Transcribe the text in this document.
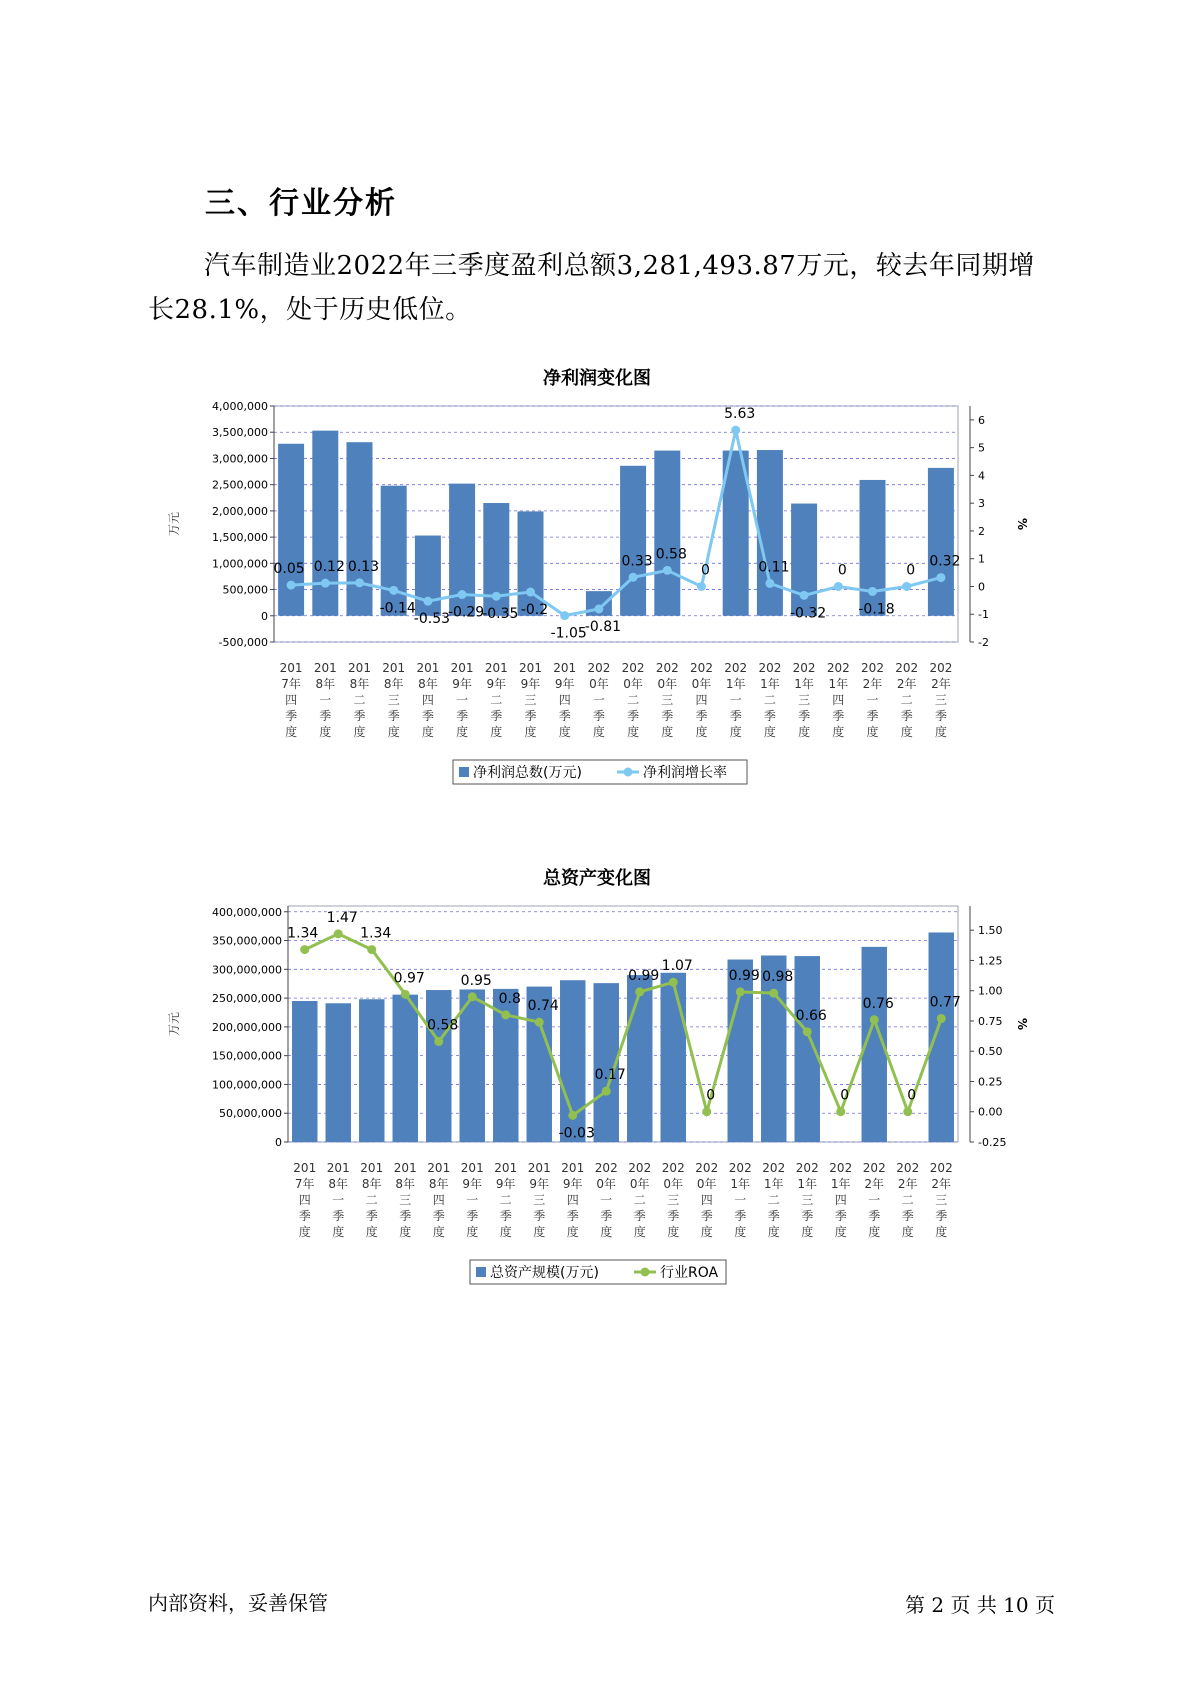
三、行业分析

汽车制造业2022年三季度盈利总额3,281,493.87万元，较去年同期增长28.1%，处于历史低位。

净利润变化图
-500,000
0
500,000
1,000,000
1,500,000
2,000,000
2,500,000
3,000,000
3,500,000
4,000,000
-2
-1
0
1
2
3
4
5
6
万元	%
0.05 0.12 0.13
-0.14
-0.53
-0.29
-0.35 -0.2
-1.05
-0.81
0.33 0.58
0
5.63
0.11
-0.32
0
-0.18
0
0.32
201
7年
四
季
度
201
8年
一
季
度
201
8年
二
季
度
201
8年
三
季
度
201
8年
四
季
度
201
9年
一
季
度
201
9年
二
季
度
201
9年
三
季
度
201
9年
四
季
度
202
0年
一
季
度
202
0年
二
季
度
202
0年
三
季
度
202
0年
四
季
度
202
1年
一
季
度
202
1年
二
季
度
202
1年
三
季
度
202
1年
四
季
度
202
2年
一
季
度
202
2年
二
季
度
202
2年
三
季
度
净利润总数(万元)	净利润增长率
总资产变化图
0
50,000,000
100,000,000
150,000,000
200,000,000
250,000,000
300,000,000
350,000,000
400,000,000
-0.25
0.00
0.25
0.50
0.75
1.00
1.25
1.50
万元	%
1.34
1.47
1.34
0.97
0.58
0.95
0.8 0.74
-0.03
0.17
0.99
1.07
0
0.99 0.98
0.66
0
0.76
0
0.77
201
7年
四
季
度
201
8年
一
季
度
201
8年
二
季
度
201
8年
三
季
度
201
8年
四
季
度
201
9年
一
季
度
201
9年
二
季
度
201
9年
三
季
度
201
9年
四
季
度
202
0年
一
季
度
202
0年
二
季
度
202
0年
三
季
度
202
0年
四
季
度
202
1年
一
季
度
202
1年
二
季
度
202
1年
三
季
度
202
1年
四
季
度
202
2年
一
季
度
202
2年
二
季
度
202
2年
三
季
度
总资产规模(万元)	行业ROA
内部资料，妥善保管	第 2 页 共 10 页
